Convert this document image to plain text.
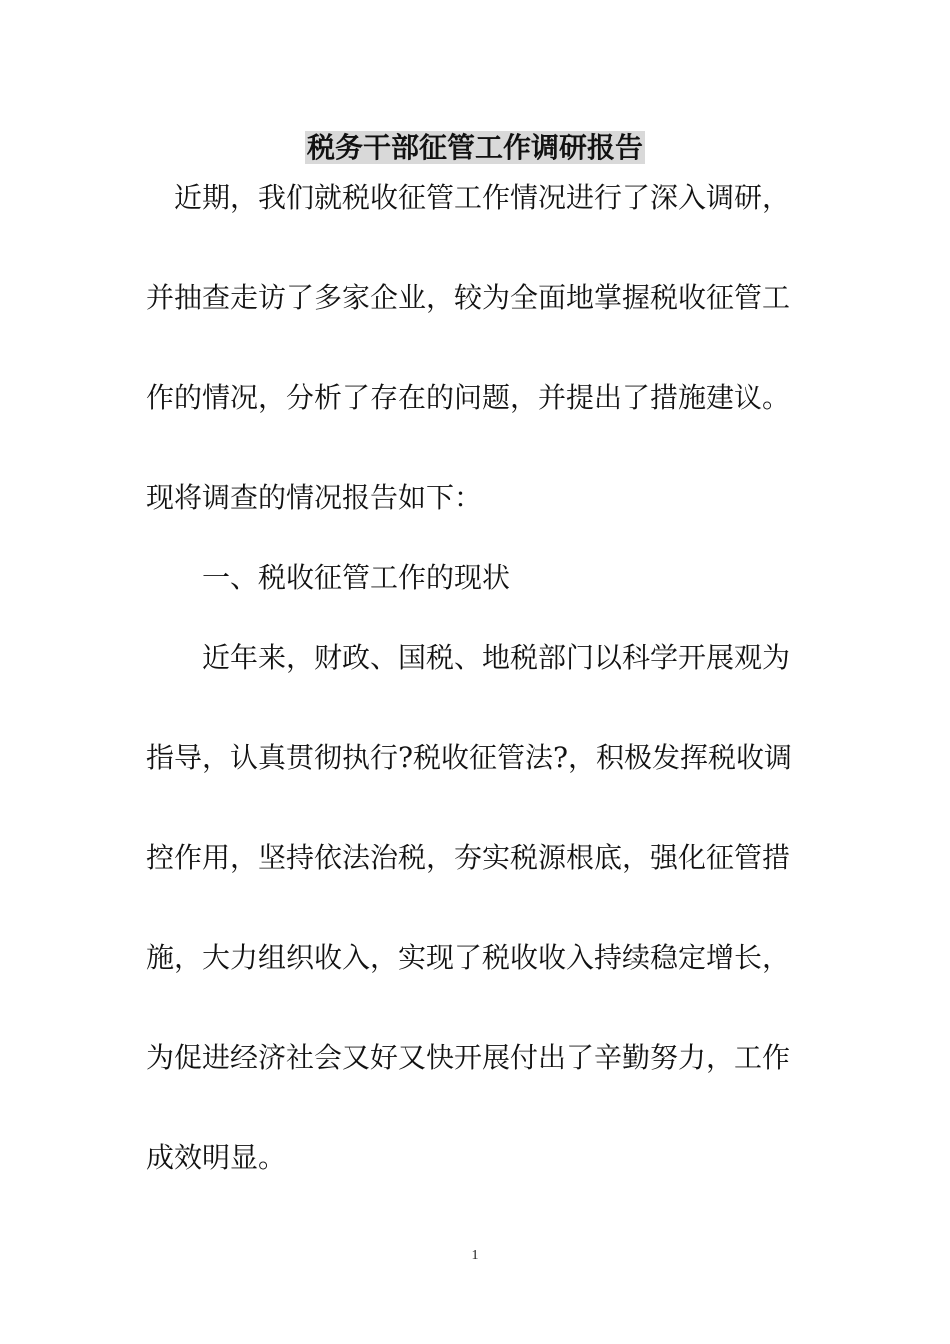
税务干部征管工作调研报告
近期，我们就税收征管工作情况进行了深入调研，
并抽查走访了多家企业，较为全面地掌握税收征管工
作的情况，分析了存在的问题，并提出了措施建议。
现将调查的情况报告如下：
一、税收征管工作的现状
近年来，财政、国税、地税部门以科学开展观为
指导，认真贯彻执行?税收征管法?，积极发挥税收调
控作用，坚持依法治税，夯实税源根底，强化征管措
施，大力组织收入，实现了税收收入持续稳定增长，
为促进经济社会又好又快开展付出了辛勤努力，工作
成效明显。
1
